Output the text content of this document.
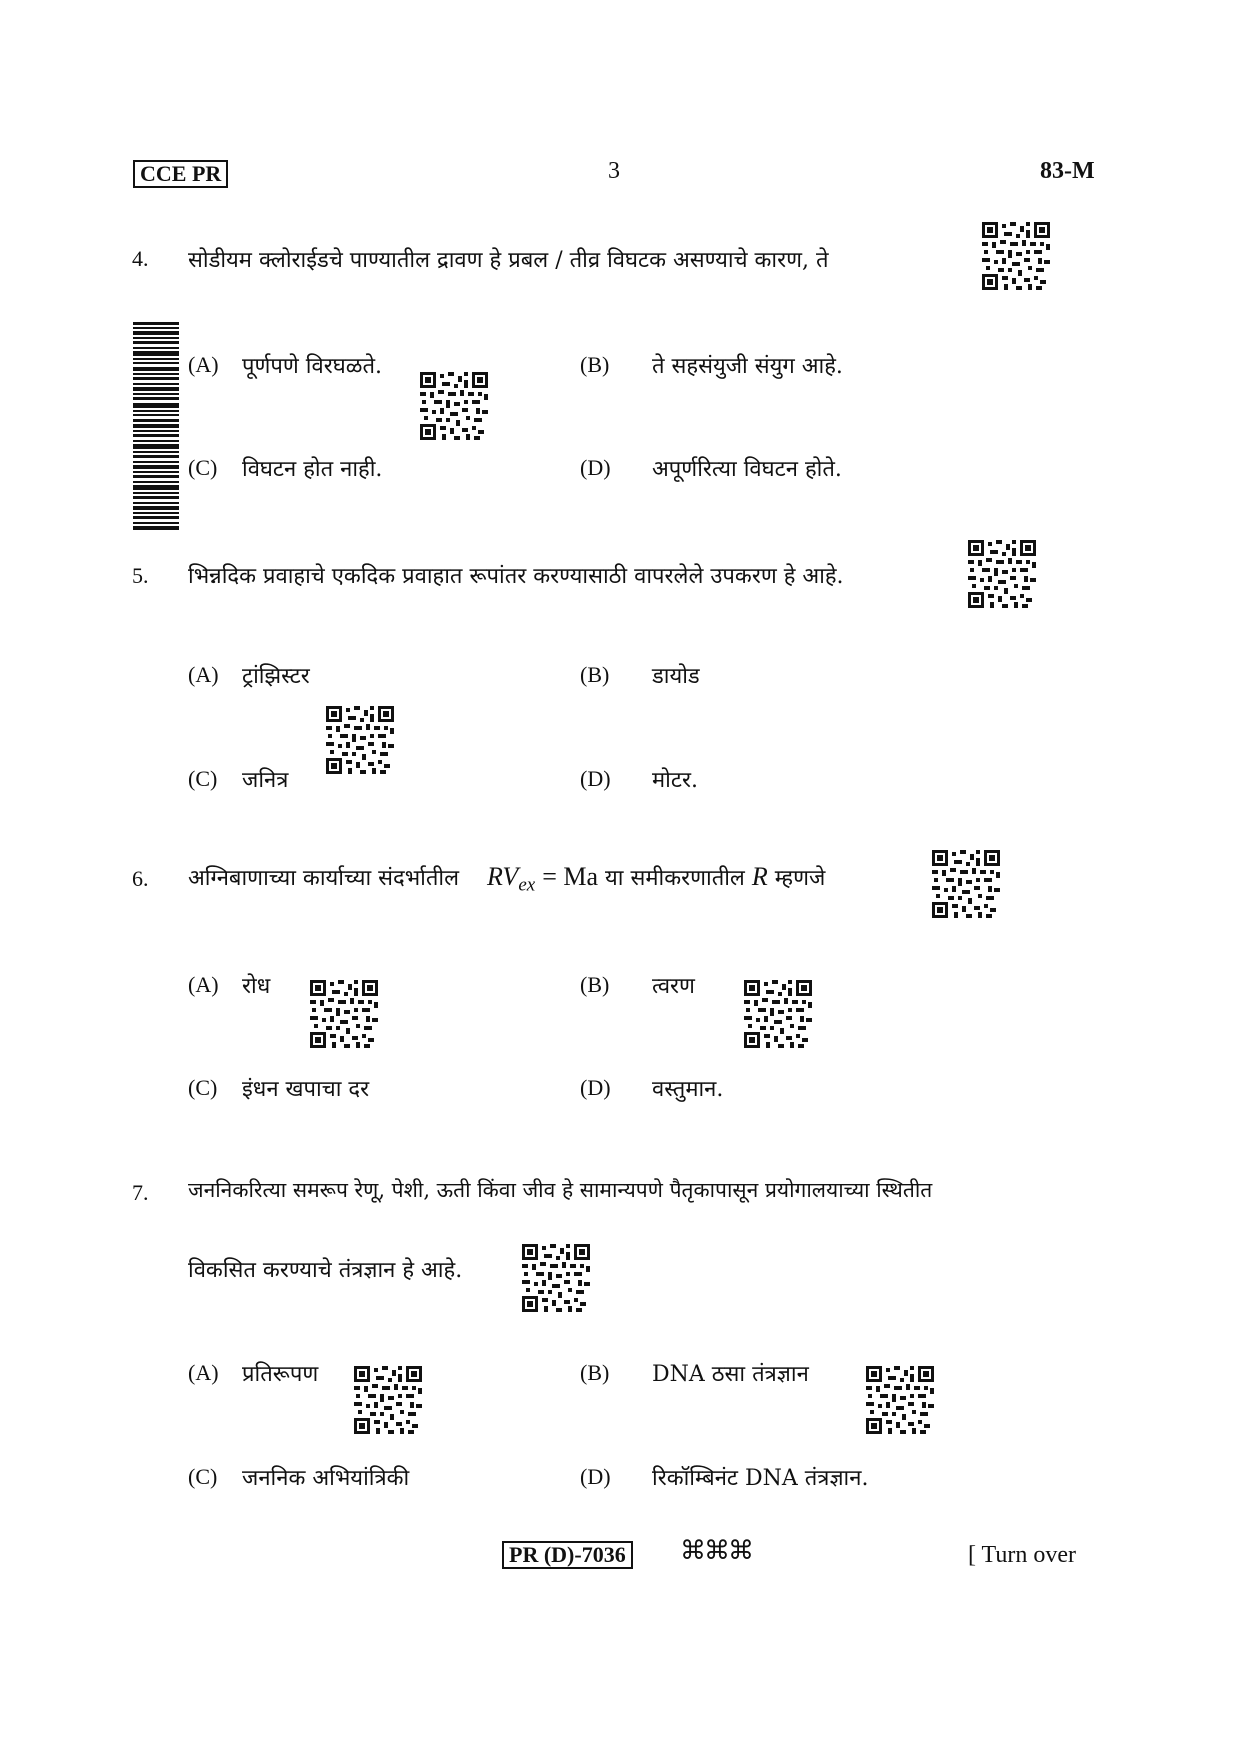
CCE PR	3	83-M
4. सोडीयम क्लोराईडचे पाण्यातील द्रावण हे प्रबल / तीव्र विघटक असण्याचे कारण, ते
(A) पूर्णपणे विरघळते.	(B) ते सहसंयुजी संयुग आहे.
(C) विघटन होत नाही.	(D) अपूर्णरित्या विघटन होते.
5. भिन्नदिक प्रवाहाचे एकदिक प्रवाहात रूपांतर करण्यासाठी वापरलेले उपकरण हे आहे.
(A) ट्रांझिस्टर	(B) डायोड
(C) जनित्र	(D) मोटर.
6. अग्निबाणाच्या कार्याच्या संदर्भातील $RV_{ex} = Ma$ या समीकरणातील R म्हणजे
(A) रोध	(B) त्वरण
(C) इंधन खपाचा दर	(D) वस्तुमान.
7. जननिकरित्या समरूप रेणू, पेशी, ऊती किंवा जीव हे सामान्यपणे पैतृकापासून प्रयोगालयाच्या स्थितीत
विकसित करण्याचे तंत्रज्ञान हे आहे.
(A) प्रतिरूपण	(B) DNA ठसा तंत्रज्ञान
(C) जननिक अभियांत्रिकी	(D) रिकॉम्बिनंट DNA तंत्रज्ञान.
PR (D)-7036 ⌘⌘⌘	[ Turn over
